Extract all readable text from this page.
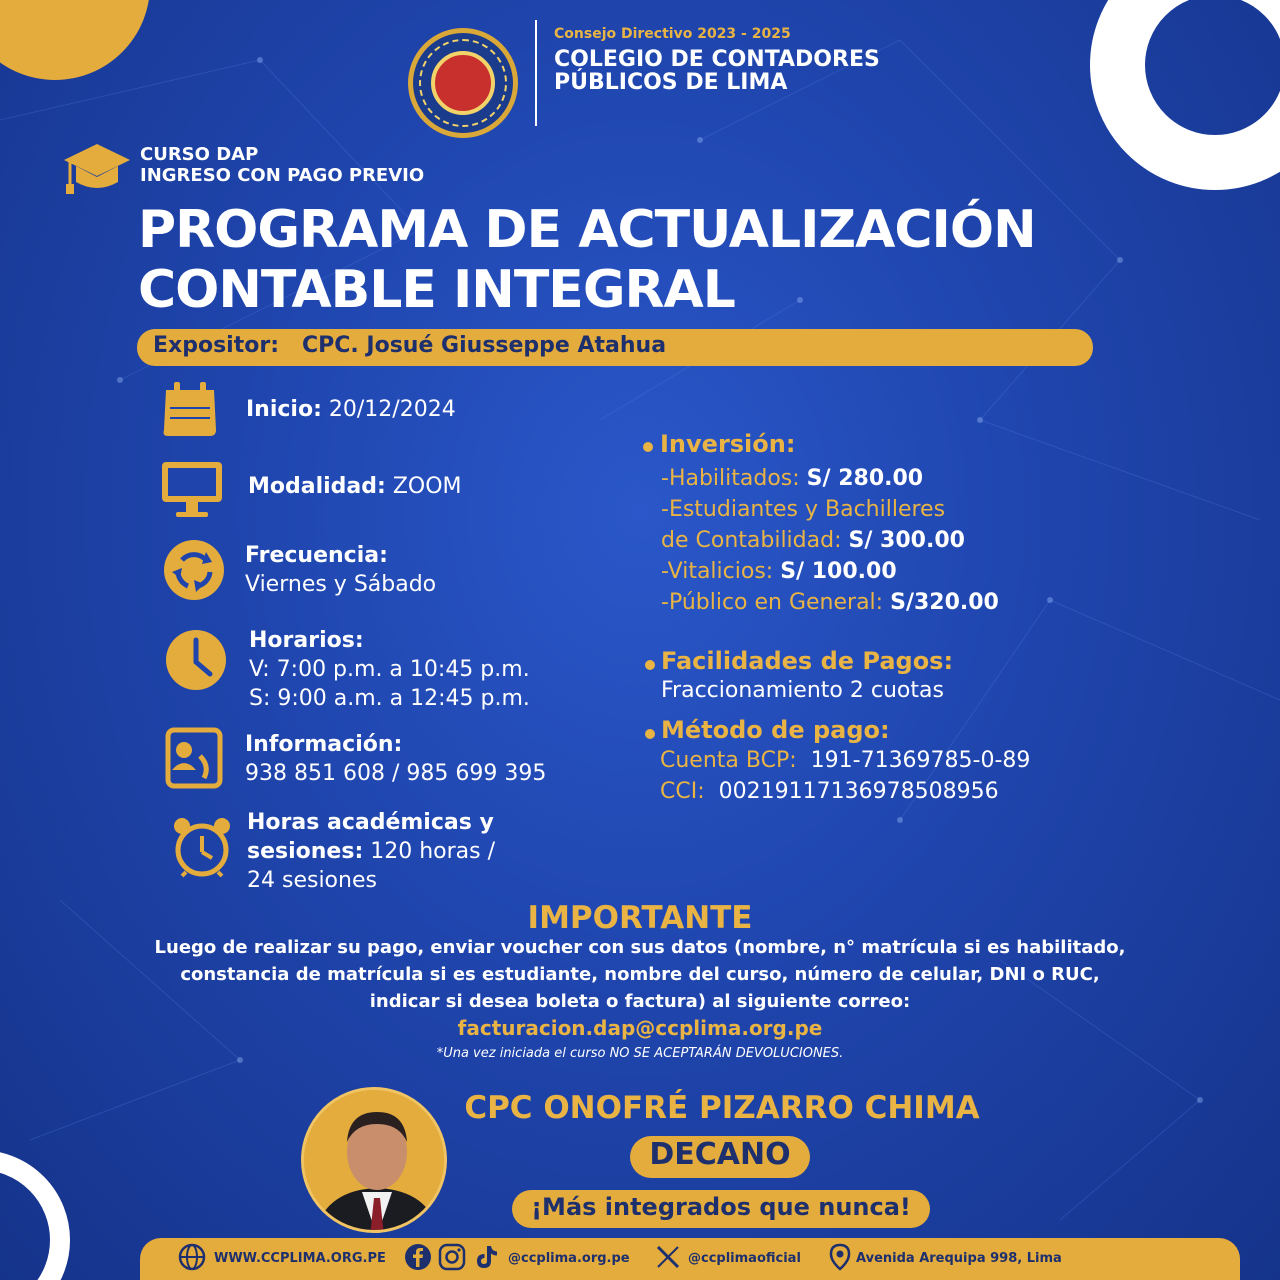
Consejo Directivo 2023 - 2025
COLEGIO DE CONTADORES PÚBLICOS DE LIMA
CURSO DAP
INGRESO CON PAGO PREVIO
PROGRAMA DE ACTUALIZACIÓN CONTABLE INTEGRAL
Expositor: CPC. Josué Giusseppe Atahua
Inicio: 20/12/2024
Modalidad: ZOOM
Frecuencia:
Viernes y Sábado
Horarios:
V: 7:00 p.m. a 10:45 p.m.
S: 9:00 a.m. a 12:45 p.m.
Información:
938 851 608 / 985 699 395
Horas académicas y
sesiones: 120 horas /
24 sesiones
Inversión:
-Habilitados: S/ 280.00
-Estudiantes y Bachilleres
de Contabilidad: S/ 300.00
-Vitalicios: S/ 100.00
-Público en General: S/320.00
Facilidades de Pagos:
Fraccionamiento 2 cuotas
Método de pago:
Cuenta BCP: 191-71369785-0-89
CCI: 00219117136978508956
IMPORTANTE
Luego de realizar su pago, enviar voucher con sus datos (nombre, n° matrícula si es habilitado, constancia de matrícula si es estudiante, nombre del curso, número de celular, DNI o RUC, indicar si desea boleta o factura) al siguiente correo:
facturacion.dap@ccplima.org.pe
*Una vez iniciada el curso NO SE ACEPTARÁN DEVOLUCIONES.
CPC ONOFRÉ PIZARRO CHIMA
DECANO
¡Más integrados que nunca!
WWW.CCPLIMA.ORG.PE	@ccplima.org.pe	@ccplimaoficial	Avenida Arequipa 998, Lima
